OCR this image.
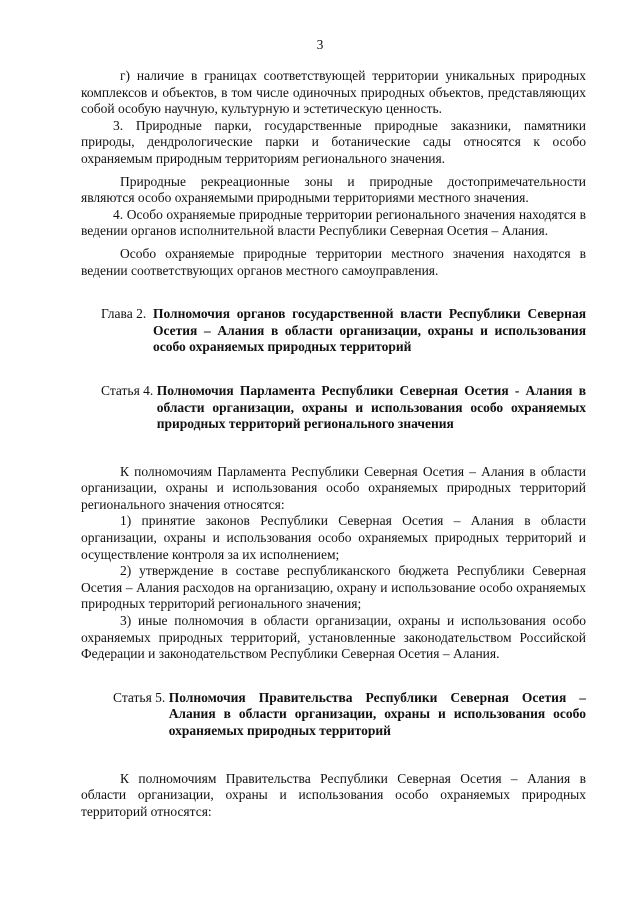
3

г) наличие в границах соответствующей территории уникальных природных комплексов и объектов, в том числе одиночных природных объектов, представляющих собой особую научную, культурную и эстетическую ценность.

3. Природные парки, государственные природные заказники, памятники природы, дендрологические парки и ботанические сады относятся к особо охраняемым природным территориям регионального значения.

Природные рекреационные зоны и природные достопримечательности являются особо охраняемыми природными территориями местного значения.

4. Особо охраняемые природные территории регионального значения находятся в ведении органов исполнительной власти Республики Северная Осетия – Алания.

Особо охраняемые природные территории местного значения находятся в ведении соответствующих органов местного самоуправления.

Глава 2. Полномочия органов государственной власти Республики Северная Осетия – Алания в области организации, охраны и использования особо охраняемых природных территорий
Статья 4. Полномочия Парламента Республики Северная Осетия - Алания в области организации, охраны и использования особо охраняемых природных территорий регионального значения

К полномочиям Парламента Республики Северная Осетия – Алания в области организации, охраны и использования особо охраняемых природных территорий регионального значения относятся:

1) принятие законов Республики Северная Осетия – Алания в области организации, охраны и использования особо охраняемых природных территорий и осуществление контроля за их исполнением;

2) утверждение в составе республиканского бюджета Республики Северная Осетия – Алания расходов на организацию, охрану и использование особо охраняемых природных территорий регионального значения;

3) иные полномочия в области организации, охраны и использования особо охраняемых природных территорий, установленные законодательством Российской Федерации и законодательством Республики Северная Осетия – Алания.

Статья 5. Полномочия Правительства Республики Северная Осетия – Алания в области организации, охраны и использования особо охраняемых природных территорий

К полномочиям Правительства Республики Северная Осетия – Алания в области организации, охраны и использования особо охраняемых природных территорий относятся:
